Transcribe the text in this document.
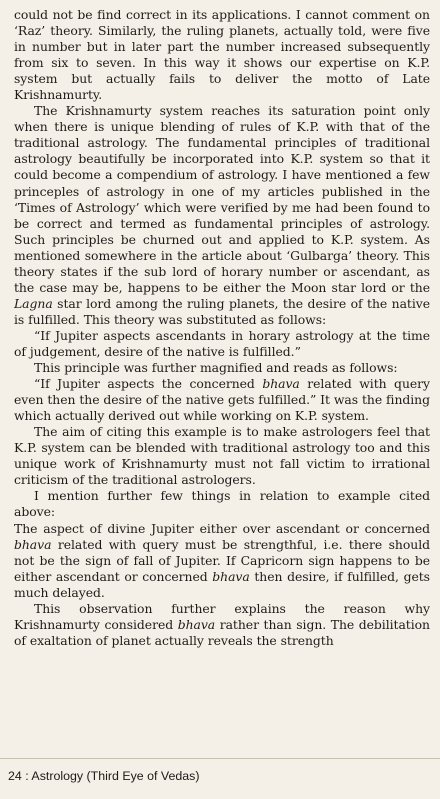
could not be find correct in its applications. I cannot comment on ‘Raz’ theory. Similarly, the ruling planets, actually told, were five in number but in later part the number increased subsequently from six to seven. In this way it shows our expertise on K.P. system but actually fails to deliver the motto of Late Krishnamurty.

The Krishnamurty system reaches its saturation point only when there is unique blending of rules of K.P. with that of the traditional astrology. The fundamental principles of traditional astrology beautifully be incorporated into K.P. system so that it could become a compendium of astrology. I have mentioned a few princeples of astrology in one of my articles published in the ‘Times of Astrology’ which were verified by me had been found to be correct and termed as fundamental principles of astrology. Such principles be churned out and applied to K.P. system. As mentioned somewhere in the article about ‘Gulbarga’ theory. This theory states if the sub lord of horary number or ascendant, as the case may be, happens to be either the Moon star lord or the Lagna star lord among the ruling planets, the desire of the native is fulfilled. This theory was substituted as follows:

“If Jupiter aspects ascendants in horary astrology at the time of judgement, desire of the native is fulfilled.”

This principle was further magnified and reads as follows:

“If Jupiter aspects the concerned bhava related with query even then the desire of the native gets fulfilled.” It was the finding which actually derived out while working on K.P. system.

The aim of citing this example is to make astrologers feel that K.P. system can be blended with traditional astrology too and this unique work of Krishnamurty must not fall victim to irrational criticism of the traditional astrologers.

I mention further few things in relation to example cited above:

The aspect of divine Jupiter either over ascendant or concerned bhava related with query must be strengthful, i.e. there should not be the sign of fall of Jupiter. If Capricorn sign happens to be either ascendant or concerned bhava then desire, if fulfilled, gets much delayed.

This observation further explains the reason why Krishnamurty considered bhava rather than sign. The debilitation of exaltation of planet actually reveals the strength

24 : Astrology (Third Eye of Vedas)
